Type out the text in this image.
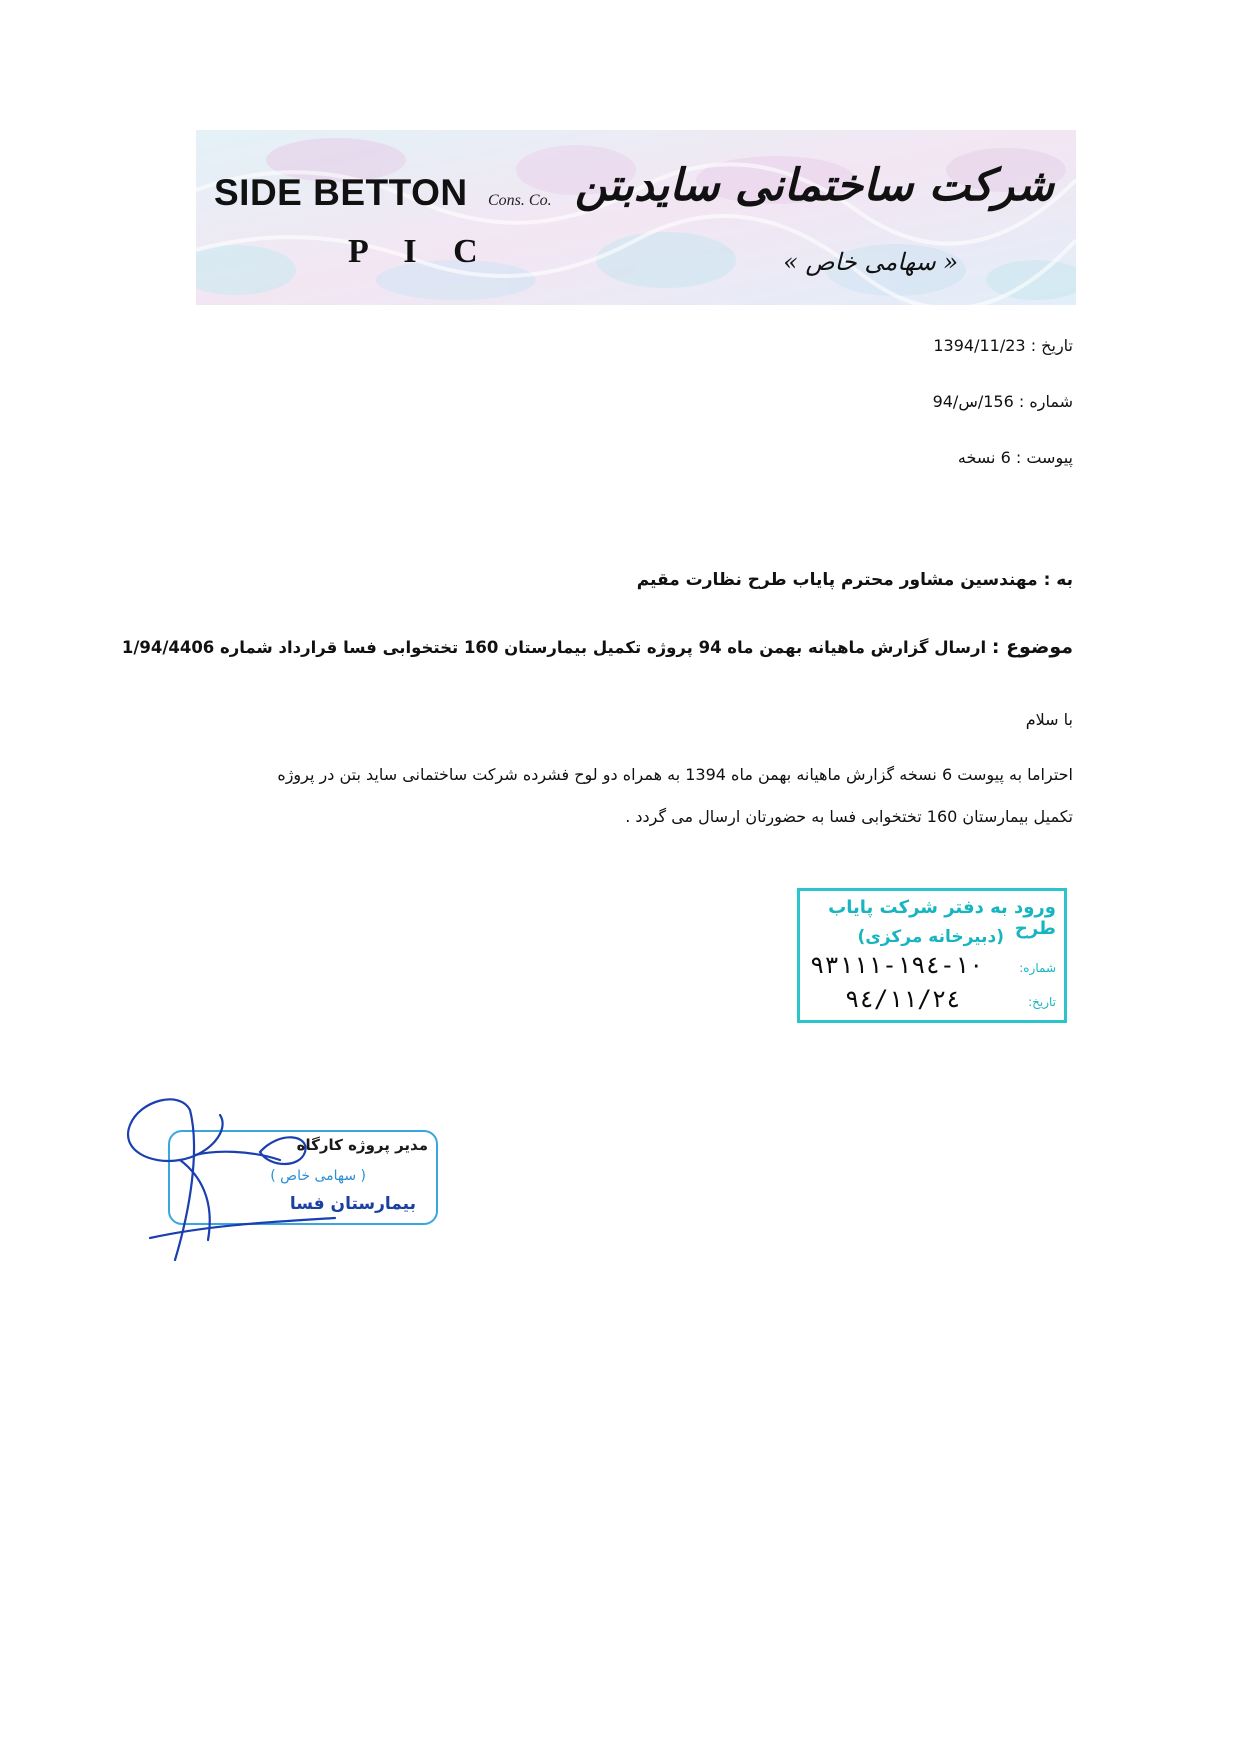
SIDE BETTON Cons. Co.
P I C
شرکت ساختمانی سایدبتن
« سهامی خاص »
تاریخ : 1394/11/23
شماره : 156/س/94
پیوست : 6 نسخه
به : مهندسین مشاور محترم پایاب طرح نظارت مقیم
موضوع : ارسال گزارش ماهیانه بهمن ماه 94 پروژه تکمیل بیمارستان 160 تختخوابی فسا قرارداد شماره 1/94/4406
با سلام
احتراما به پیوست 6 نسخه گزارش ماهیانه بهمن ماه 1394 به همراه دو لوح فشرده شرکت ساختمانی ساید بتن در پروژه
تکمیل بیمارستان 160 تختخوابی فسا به حضورتان ارسال می گردد .
ورود به دفتر شرکت پایاب طرح
(دبیرخانه مرکزی)
شماره:
١٠-١٩٤-٩٣١١١
تاریخ:
٩٤/١١/٢٤
مدیر پروژه کارگاه
( سهامی خاص )
بیمارستان فسا
